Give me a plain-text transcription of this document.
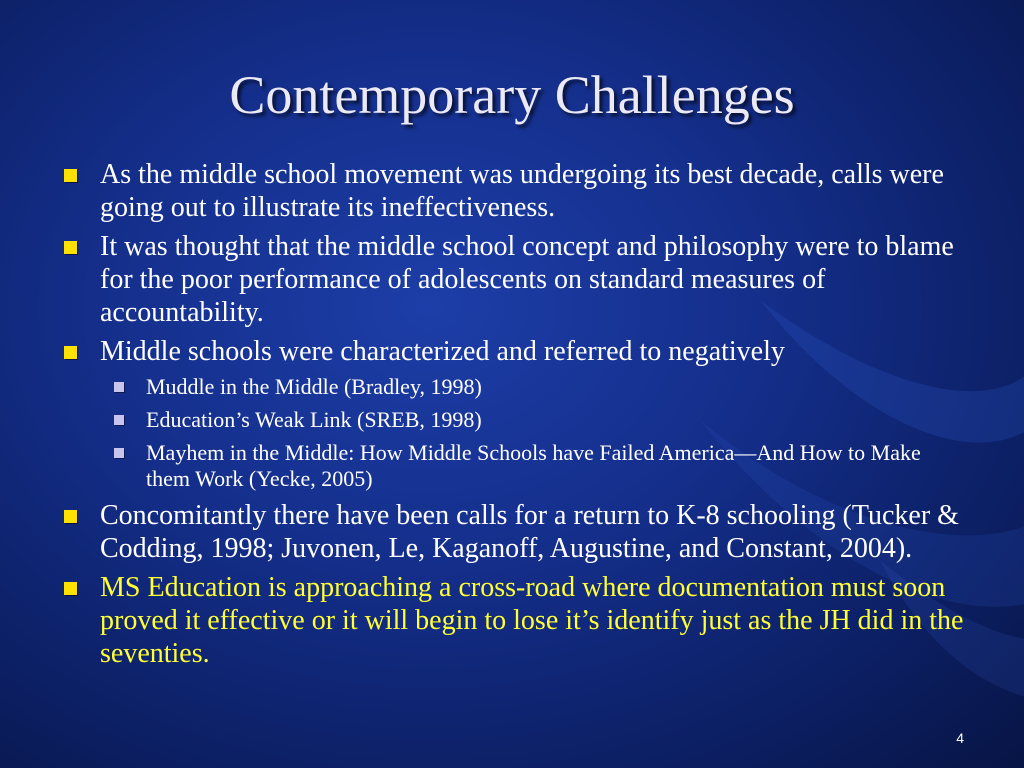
Contemporary Challenges
As the middle school movement was undergoing its best decade, calls were going out to illustrate its ineffectiveness.
It was thought that the middle school concept and philosophy were to blame for the poor performance of adolescents on standard measures of accountability.
Middle schools were characterized and referred to negatively
Muddle in the Middle (Bradley, 1998)
Education’s Weak Link (SREB, 1998)
Mayhem in the Middle: How Middle Schools have Failed America—And How to Make them Work (Yecke, 2005)
Concomitantly there have been calls for a return to K-8 schooling (Tucker & Codding, 1998; Juvonen, Le, Kaganoff, Augustine, and Constant, 2004).
MS Education is approaching a cross-road where documentation must soon proved it effective or it will begin to lose it’s identify just as the JH did in the seventies.
4
